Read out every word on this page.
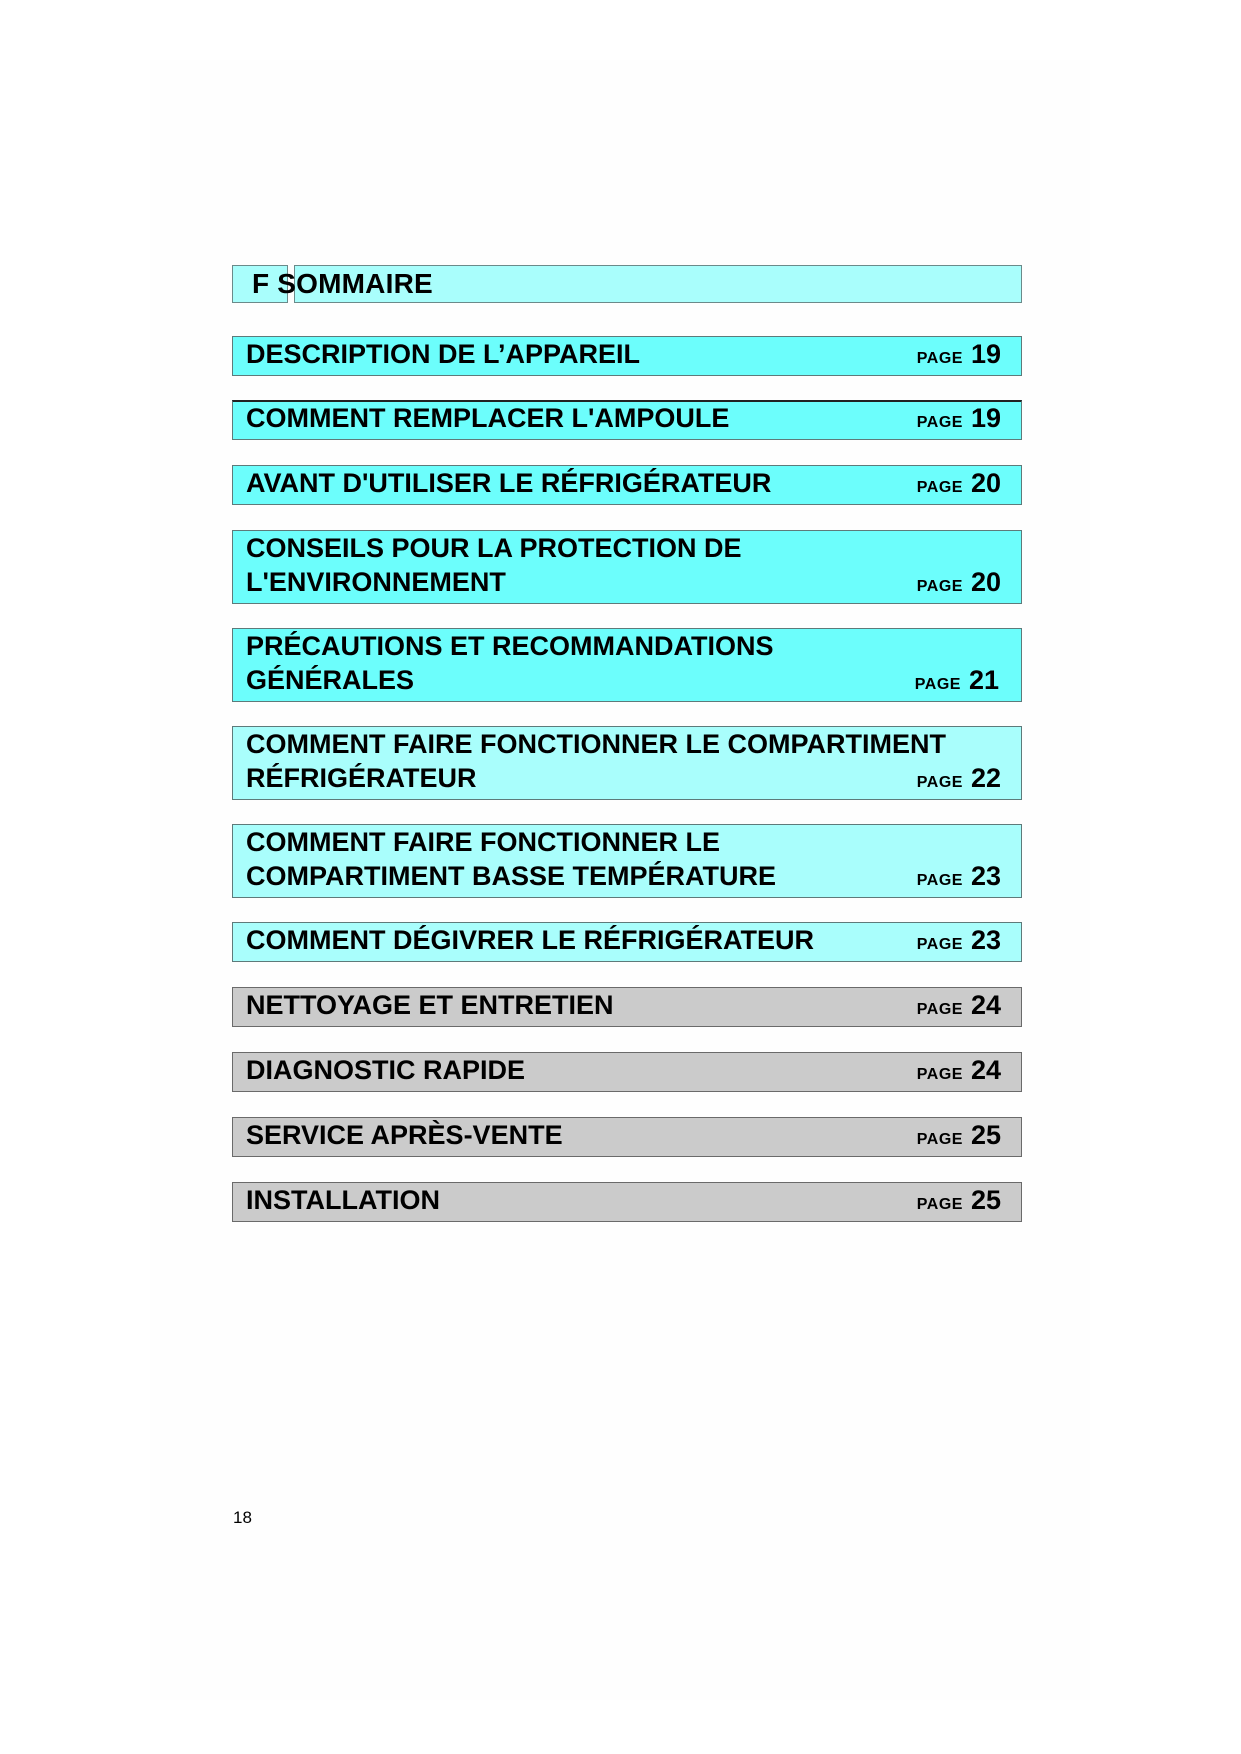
F SOMMAIRE
DESCRIPTION DE L’APPAREIL	PAGE 19
COMMENT REMPLACER L'AMPOULE	PAGE 19
AVANT D'UTILISER LE RÉFRIGÉRATEUR	PAGE 20
CONSEILS POUR LA PROTECTION DE L'ENVIRONNEMENT	PAGE 20
PRÉCAUTIONS ET RECOMMANDATIONS GÉNÉRALES	PAGE 21
COMMENT FAIRE FONCTIONNER LE COMPARTIMENT RÉFRIGÉRATEUR	PAGE 22
COMMENT FAIRE FONCTIONNER LE COMPARTIMENT BASSE TEMPÉRATURE	PAGE 23
COMMENT DÉGIVRER LE RÉFRIGÉRATEUR	PAGE 23
NETTOYAGE ET ENTRETIEN	PAGE 24
DIAGNOSTIC RAPIDE	PAGE 24
SERVICE APRÈS-VENTE	PAGE 25
INSTALLATION	PAGE 25
18
